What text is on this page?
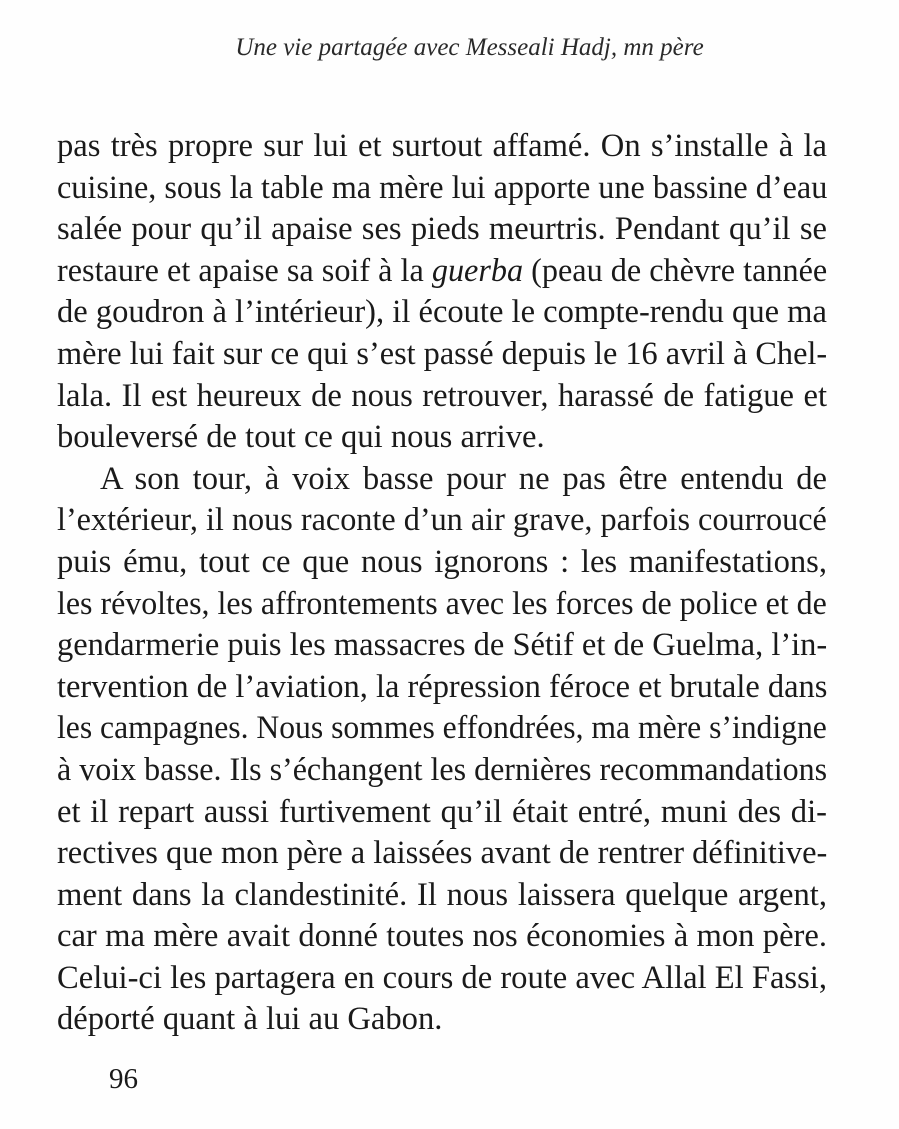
Une vie partagée avec Messeali Hadj, mn père
pas très propre sur lui et surtout affamé. On s’installe à la
cuisine, sous la table ma mère lui apporte une bassine d’eau
salée pour qu’il apaise ses pieds meurtris. Pendant qu’il se
restaure et apaise sa soif à la guerba (peau de chèvre tannée
de goudron à l’intérieur), il écoute le compte-rendu que ma
mère lui fait sur ce qui s’est passé depuis le 16 avril à Chel-
lala. Il est heureux de nous retrouver, harassé de fatigue et
bouleversé de tout ce qui nous arrive.
A son tour, à voix basse pour ne pas être entendu de
l’extérieur, il nous raconte d’un air grave, parfois courroucé
puis ému, tout ce que nous ignorons : les manifestations,
les révoltes, les affrontements avec les forces de police et de
gendarmerie puis les massacres de Sétif et de Guelma, l’in-
tervention de l’aviation, la répression féroce et brutale dans
les campagnes. Nous sommes effondrées, ma mère s’indigne
à voix basse. Ils s’échangent les dernières recommandations
et il repart aussi furtivement qu’il était entré, muni des di-
rectives que mon père a laissées avant de rentrer définitive-
ment dans la clandestinité. Il nous laissera quelque argent,
car ma mère avait donné toutes nos économies à mon père.
Celui-ci les partagera en cours de route avec Allal El Fassi,
déporté quant à lui au Gabon.
96
